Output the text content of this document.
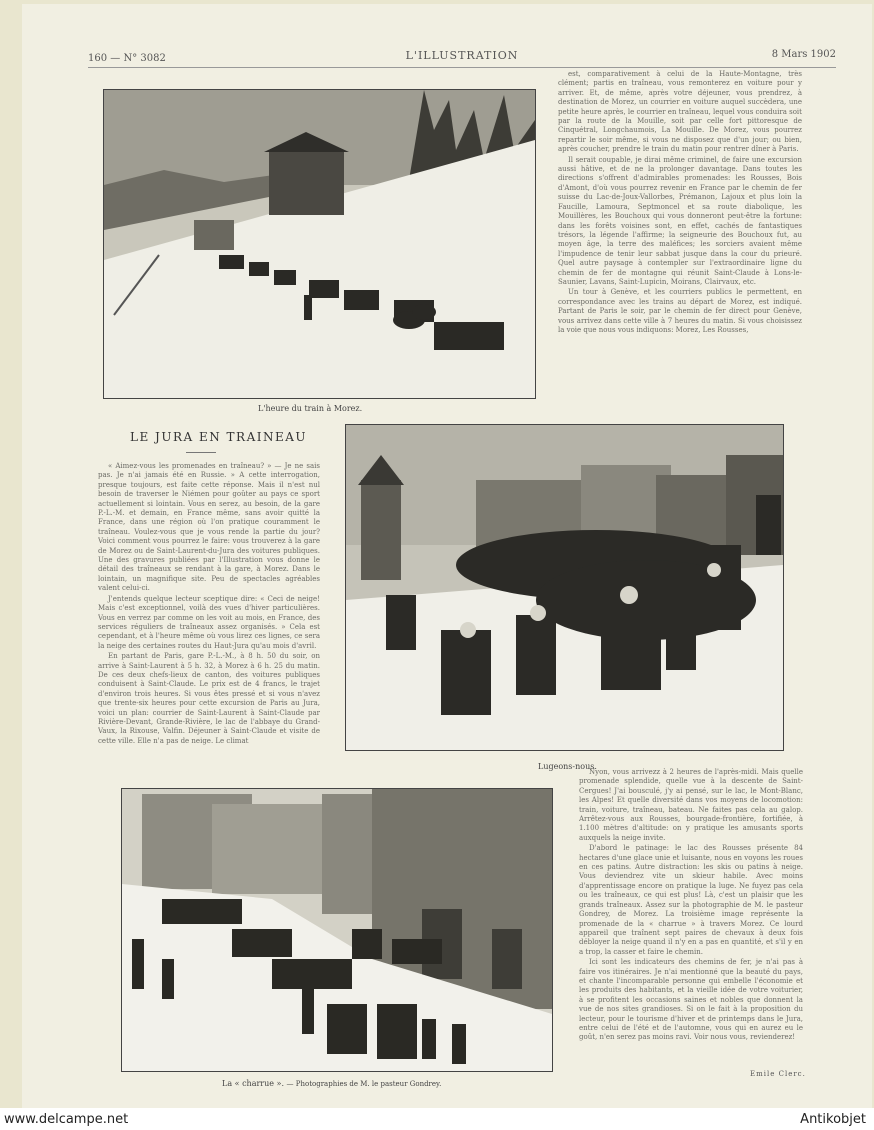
160 — N° 3082	L'ILLUSTRATION	8 Mars 1902
L'heure du train à Morez.

est, comparativement à celui de la Haute-Montagne, très clément; partis en traîneau, vous remonterez en voiture pour y arriver. Et, de même, après votre déjeuner, vous prendrez, à destination de Morez, un courrier en voiture auquel succèdera, une petite heure après, le courrier en traîneau, lequel vous conduira soit par la route de la Mouille, soit par celle fort pittoresque de Cinquétral, Longchaumois, La Mouille. De Morez, vous pourrez repartir le soir même, si vous ne disposez que d'un jour; ou bien, après coucher, prendre le train du matin pour rentrer dîner à Paris.

Il serait coupable, je dirai même criminel, de faire une excursion aussi hâtive, et de ne la prolonger davantage. Dans toutes les directions s'offrent d'admirables promenades: les Rousses, Bois d'Amont, d'où vous pourrez revenir en France par le chemin de fer suisse du Lac-de-Joux-Vallorbes, Prémanon, Lajoux et plus loin la Faucille, Lamoura, Septmoncel et sa route diabolique, les Mouillères, les Bouchoux qui vous donneront peut-être la fortune: dans les forêts voisines sont, en effet, cachés de fantastiques trésors, la légende l'affirme; la seigneurie des Bouchoux fut, au moyen âge, la terre des maléfices; les sorciers avaient même l'impudence de tenir leur sabbat jusque dans la cour du prieuré. Quel autre paysage à contempler sur l'extraordinaire ligne du chemin de fer de montagne qui réunit Saint-Claude à Lons-le-Saunier, Lavans, Saint-Lupicin, Moirans, Clairvaux, etc.

Un tour à Genève, et les courriers publics le permettent, en correspondance avec les trains au départ de Morez, est indiqué. Partant de Paris le soir, par le chemin de fer direct pour Genève, vous arrivez dans cette ville à 7 heures du matin. Si vous choisissez la voie que nous vous indiquons: Morez, Les Rousses,

LE JURA EN TRAINEAU

« Aimez-vous les promenades en traîneau? » — Je ne sais pas. Je n'ai jamais été en Russie. » A cette interrogation, presque toujours, est faite cette réponse. Mais il n'est nul besoin de traverser le Niémen pour goûter au pays ce sport actuellement si lointain. Vous en serez, au besoin, de la gare P.-L.-M. et demain, en France même, sans avoir quitté la France, dans une région où l'on pratique couramment le traîneau. Voulez-vous que je vous rende la partie du jour? Voici comment vous pourrez le faire: vous trouverez à la gare de Morez ou de Saint-Laurent-du-Jura des voitures publiques. Une des gravures publiées par l'Illustration vous donne le détail des traîneaux se rendant à la gare, à Morez. Dans le lointain, un magnifique site. Peu de spectacles agréables valent celui-ci.

J'entends quelque lecteur sceptique dire: « Ceci de neige! Mais c'est exceptionnel, voilà des vues d'hiver particulières. Vous en verrez par comme on les voit au mois, en France, des services réguliers de traîneaux assez organisés. » Cela est cependant, et à l'heure même où vous lirez ces lignes, ce sera la neige des certaines routes du Haut-Jura qu'au mois d'avril.

En partant de Paris, gare P.-L.-M., à 8 h. 50 du soir, on arrive à Saint-Laurent à 5 h. 32, à Morez à 6 h. 25 du matin. De ces deux chefs-lieux de canton, des voitures publiques conduisent à Saint-Claude. Le prix est de 4 francs, le trajet d'environ trois heures. Si vous êtes pressé et si vous n'avez que trente-six heures pour cette excursion de Paris au Jura, voici un plan: courrier de Saint-Laurent à Saint-Claude par Rivière-Devant, Grande-Rivière, le lac de l'abbaye du Grand-Vaux, la Rixouse, Valfin. Déjeuner à Saint-Claude et visite de cette ville. Elle n'a pas de neige. Le climat

Lugeons-nous.
La « charrue ». — Photographies de M. le pasteur Gondrey.

Nyon, vous arrivezz à 2 heures de l'après-midi. Mais quelle promenade splendide, quelle vue à la descente de Saint-Cergues! J'ai bousculé, j'y ai pensé, sur le lac, le Mont-Blanc, les Alpes! Et quelle diversité dans vos moyens de locomotion: train, voiture, traîneau, bateau. Ne faites pas cela au galop. Arrêtez-vous aux Rousses, bourgade-frontière, fortifiée, à 1.100 mètres d'altitude: on y pratique les amusants sports auxquels la neige invite.

D'abord le patinage: le lac des Rousses présente 84 hectares d'une glace unie et luisante, nous en voyons les roues en ces patins. Autre distraction: les skis ou patins à neige. Vous deviendrez vite un skieur habile. Avec moins d'apprentissage encore on pratique la luge. Ne fuyez pas cela ou les traîneaux, ce qui est plus! Là, c'est un plaisir que les grands traîneaux. Assez sur la photographie de M. le pasteur Gondrey, de Morez. La troisième image représente la promenade de la « charrue » à travers Morez. Ce lourd appareil que traînent sept paires de chevaux à deux fois débloyer la neige quand il n'y en a pas en quantité, et s'il y en a trop, la casser et faire le chemin.

Ici sont les indicateurs des chemins de fer, je n'ai pas à faire vos itinéraires. Je n'ai mentionné que la beauté du pays, et chante l'incomparable personne qui embelle l'économie et les produits des habitants, et la vieille idée de votre voiturier, à se profitent les occasions saines et nobles que donnent la vue de nos sites grandioses. Si on le fait à la proposition du lecteur, pour le tourisme d'hiver et de printemps dans le Jura, entre celui de l'été et de l'automne, vous qui en aurez eu le goût, n'en serez pas moins ravi. Voir nous vous, revienderez!

Emile Clerc.
www.delcampe.net	Antikobjet
